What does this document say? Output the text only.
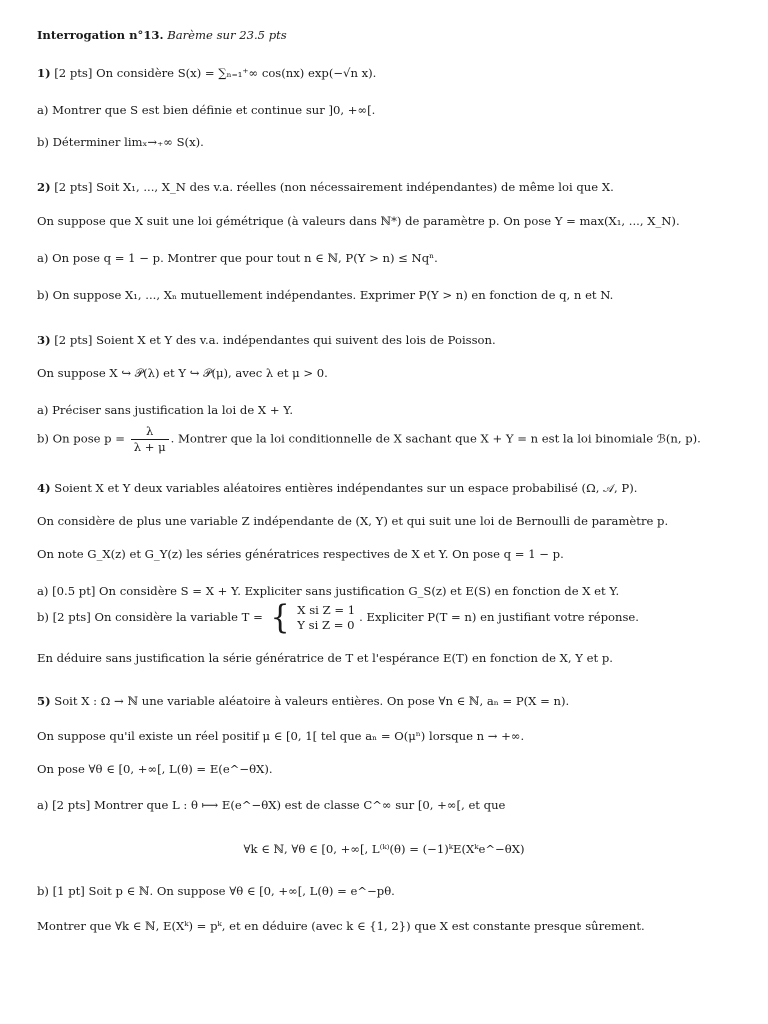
Interrogation n°13. Barème sur 23.5 pts
1) [2 pts] On considère S(x) = ∑ₙ₌₁⁺∞ cos(nx) exp(−√n x).
a) Montrer que S est bien définie et continue sur ]0, +∞[.
b) Déterminer limₓ→₊∞ S(x).
2) [2 pts] Soit X₁, ..., X_N des v.a. réelles (non nécessairement indépendantes) de même loi que X.
On suppose que X suit une loi gémétrique (à valeurs dans ℕ*) de paramètre p. On pose Y = max(X₁, ..., X_N).
a) On pose q = 1 − p. Montrer que pour tout n ∈ ℕ, P(Y > n) ≤ Nqⁿ.
b) On suppose X₁, ..., Xₙ mutuellement indépendantes. Exprimer P(Y > n) en fonction de q, n et N.
3) [2 pts] Soient X et Y des v.a. indépendantes qui suivent des lois de Poisson.
On suppose X ↪ 𝒫(λ) et Y ↪ 𝒫(μ), avec λ et μ > 0.
a) Préciser sans justification la loi de X + Y.
b) On pose $p = \frac{\lambda}{\lambda + \mu}$ . Montrer que la loi conditionnelle de X sachant que X + Y = n est la loi binomiale ℬ(n, p).
4) Soient X et Y deux variables aléatoires entières indépendantes sur un espace probabilisé (Ω, 𝒜, P).
On considère de plus une variable Z indépendante de (X, Y) et qui suit une loi de Bernoulli de paramètre p.
On note G_X(z) et G_Y(z) les séries génératrices respectives de X et Y. On pose q = 1 − p.
a) [0.5 pt] On considère S = X + Y. Expliciter sans justification G_S(z) et E(S) en fonction de X et Y.
b) [2 pts] On considère la variable T = { X si Z = 1
Y si Z = 0
. Expliciter P(T = n) en justifiant votre réponse.
En déduire sans justification la série génératrice de T et l'espérance E(T) en fonction de X, Y et p.
5) Soit X : Ω → ℕ une variable aléatoire à valeurs entières. On pose ∀n ∈ ℕ, aₙ = P(X = n).
On suppose qu'il existe un réel positif μ ∈ [0, 1[ tel que aₙ = O(μⁿ) lorsque n → +∞.
On pose ∀θ ∈ [0, +∞[, L(θ) = E(e^−θX).
a) [2 pts] Montrer que L : θ ⟼ E(e^−θX) est de classe C^∞ sur [0, +∞[, et que
∀k ∈ ℕ, ∀θ ∈ [0, +∞[, L⁽ᵏ⁾(θ) = (−1)ᵏE(Xᵏe^−θX)
b) [1 pt] Soit p ∈ ℕ. On suppose ∀θ ∈ [0, +∞[, L(θ) = e^−pθ.
Montrer que ∀k ∈ ℕ, E(Xᵏ) = pᵏ, et en déduire (avec k ∈ {1, 2}) que X est constante presque sûrement.
